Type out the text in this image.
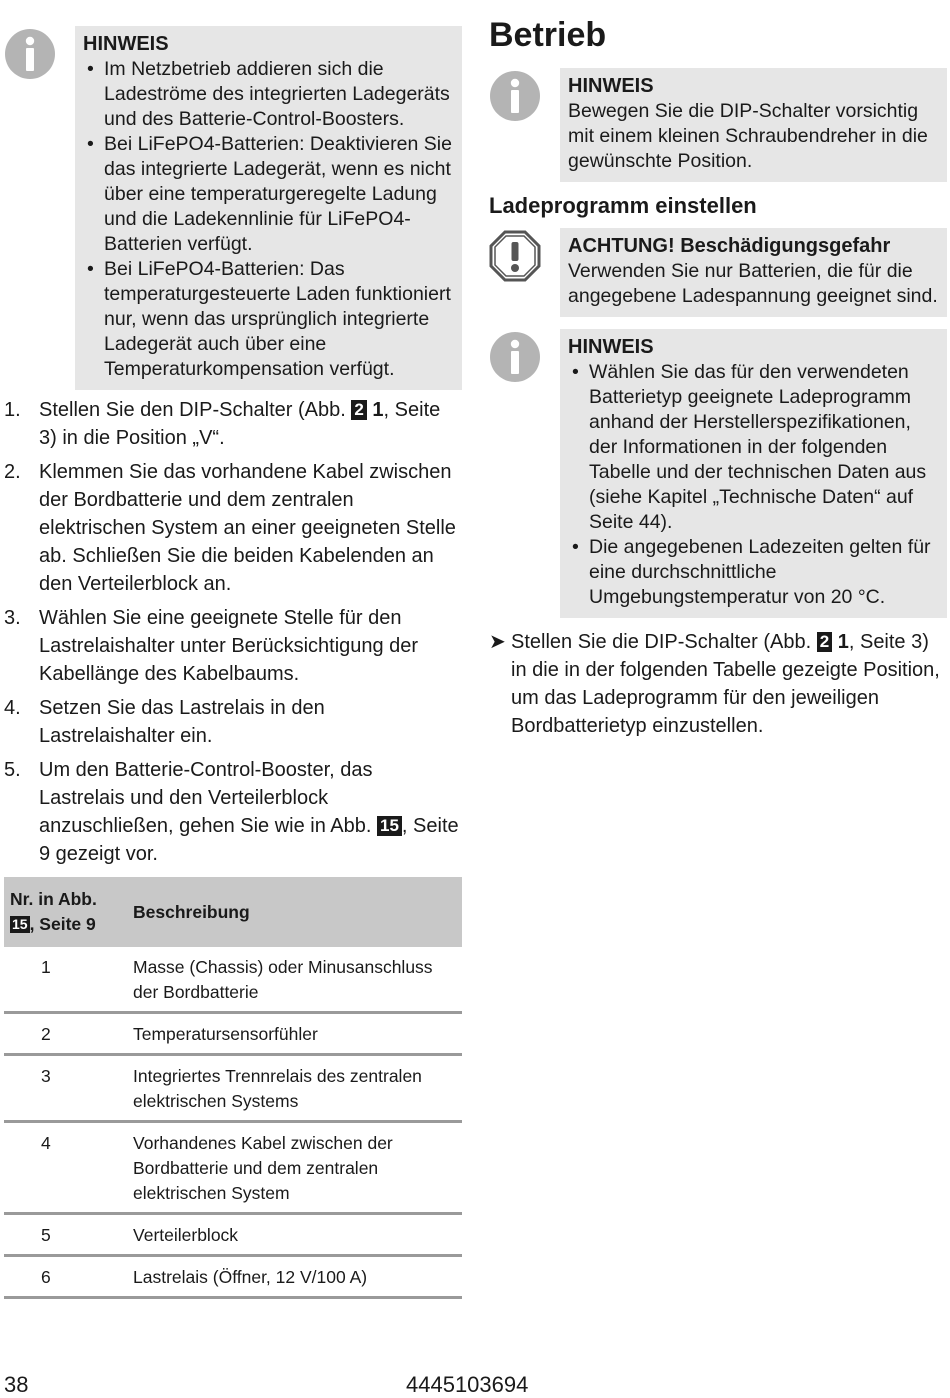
HINWEIS
• Im Netzbetrieb addieren sich die Ladeströme des integrierten Ladegeräts und des Batterie-Control-Boosters.
• Bei LiFePO4-Batterien: Deaktivieren Sie das integrierte Ladegerät, wenn es nicht über eine temperaturgeregelte Ladung und die Ladekennlinie für LiFePO4-Batterien verfügt.
• Bei LiFePO4-Batterien: Das temperaturgesteuerte Laden funktioniert nur, wenn das ursprünglich integrierte Ladegerät auch über eine Temperaturkompensation verfügt.
1. Stellen Sie den DIP-Schalter (Abb. 2 1, Seite 3) in die Position „V“.
2. Klemmen Sie das vorhandene Kabel zwischen der Bordbatterie und dem zentralen elektrischen System an einer geeigneten Stelle ab. Schließen Sie die beiden Kabelenden an den Verteilerblock an.
3. Wählen Sie eine geeignete Stelle für den Lastrelaishalter unter Berücksichtigung der Kabellänge des Kabelbaums.
4. Setzen Sie das Lastrelais in den Lastrelaishalter ein.
5. Um den Batterie-Control-Booster, das Lastrelais und den Verteilerblock anzuschließen, gehen Sie wie in Abb. 15 , Seite 9 gezeigt vor.
Nr. in Abb.
15 , Seite 9	Beschreibung
1	Masse (Chassis) oder Minusanschluss der Bordbatterie
2	Temperatursensorfühler
3	Integriertes Trennrelais des zentralen elektrischen Systems
4	Vorhandenes Kabel zwischen der Bordbatterie und dem zentralen elektrischen System
5	Verteilerblock
6	Lastrelais (Öffner, 12 V/100 A)
Betrieb
HINWEIS
Bewegen Sie die DIP-Schalter vorsichtig mit einem kleinen Schraubendreher in die gewünschte Position.
Ladeprogramm einstellen
ACHTUNG! Beschädigungsgefahr
Verwenden Sie nur Batterien, die für die angegebene Ladespannung geeignet sind.
HINWEIS
• Wählen Sie das für den verwendeten Batterietyp geeignete Ladeprogramm anhand der Herstellerspezifikationen, der Informationen in der folgenden Tabelle und der technischen Daten aus (siehe Kapitel „Technische Daten“ auf Seite 44).
• Die angegebenen Ladezeiten gelten für eine durchschnittliche Umgebungstemperatur von 20 °C.
➤ Stellen Sie die DIP-Schalter (Abb. 2 1, Seite 3) in die in der folgenden Tabelle gezeigte Position, um das Ladeprogramm für den jeweiligen Bordbatterietyp einzustellen.
38	4445103694
